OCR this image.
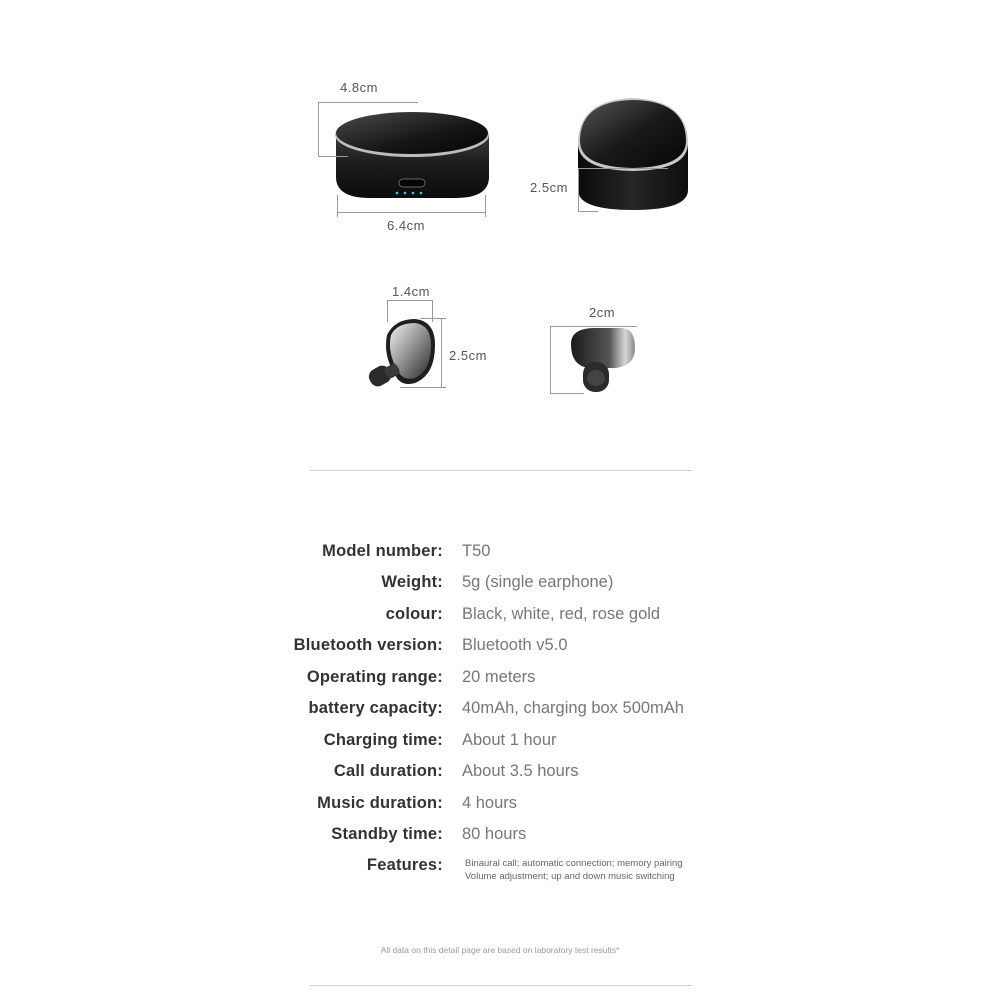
4.8cm
6.4cm
2.5cm
1.4cm
2.5cm
2cm
Model number: T50
Weight: 5g (single earphone)
colour: Black, white, red, rose gold
Bluetooth version: Bluetooth v5.0
Operating range: 20 meters
battery capacity: 40mAh, charging box 500mAh
Charging time: About 1 hour
Call duration: About 3.5 hours
Music duration: 4 hours
Standby time: 80 hours
Features: Binaural call; automatic connection; memory pairing
Volume adjustment; up and down music switching
All data on this detail page are based on laboratory test results*
